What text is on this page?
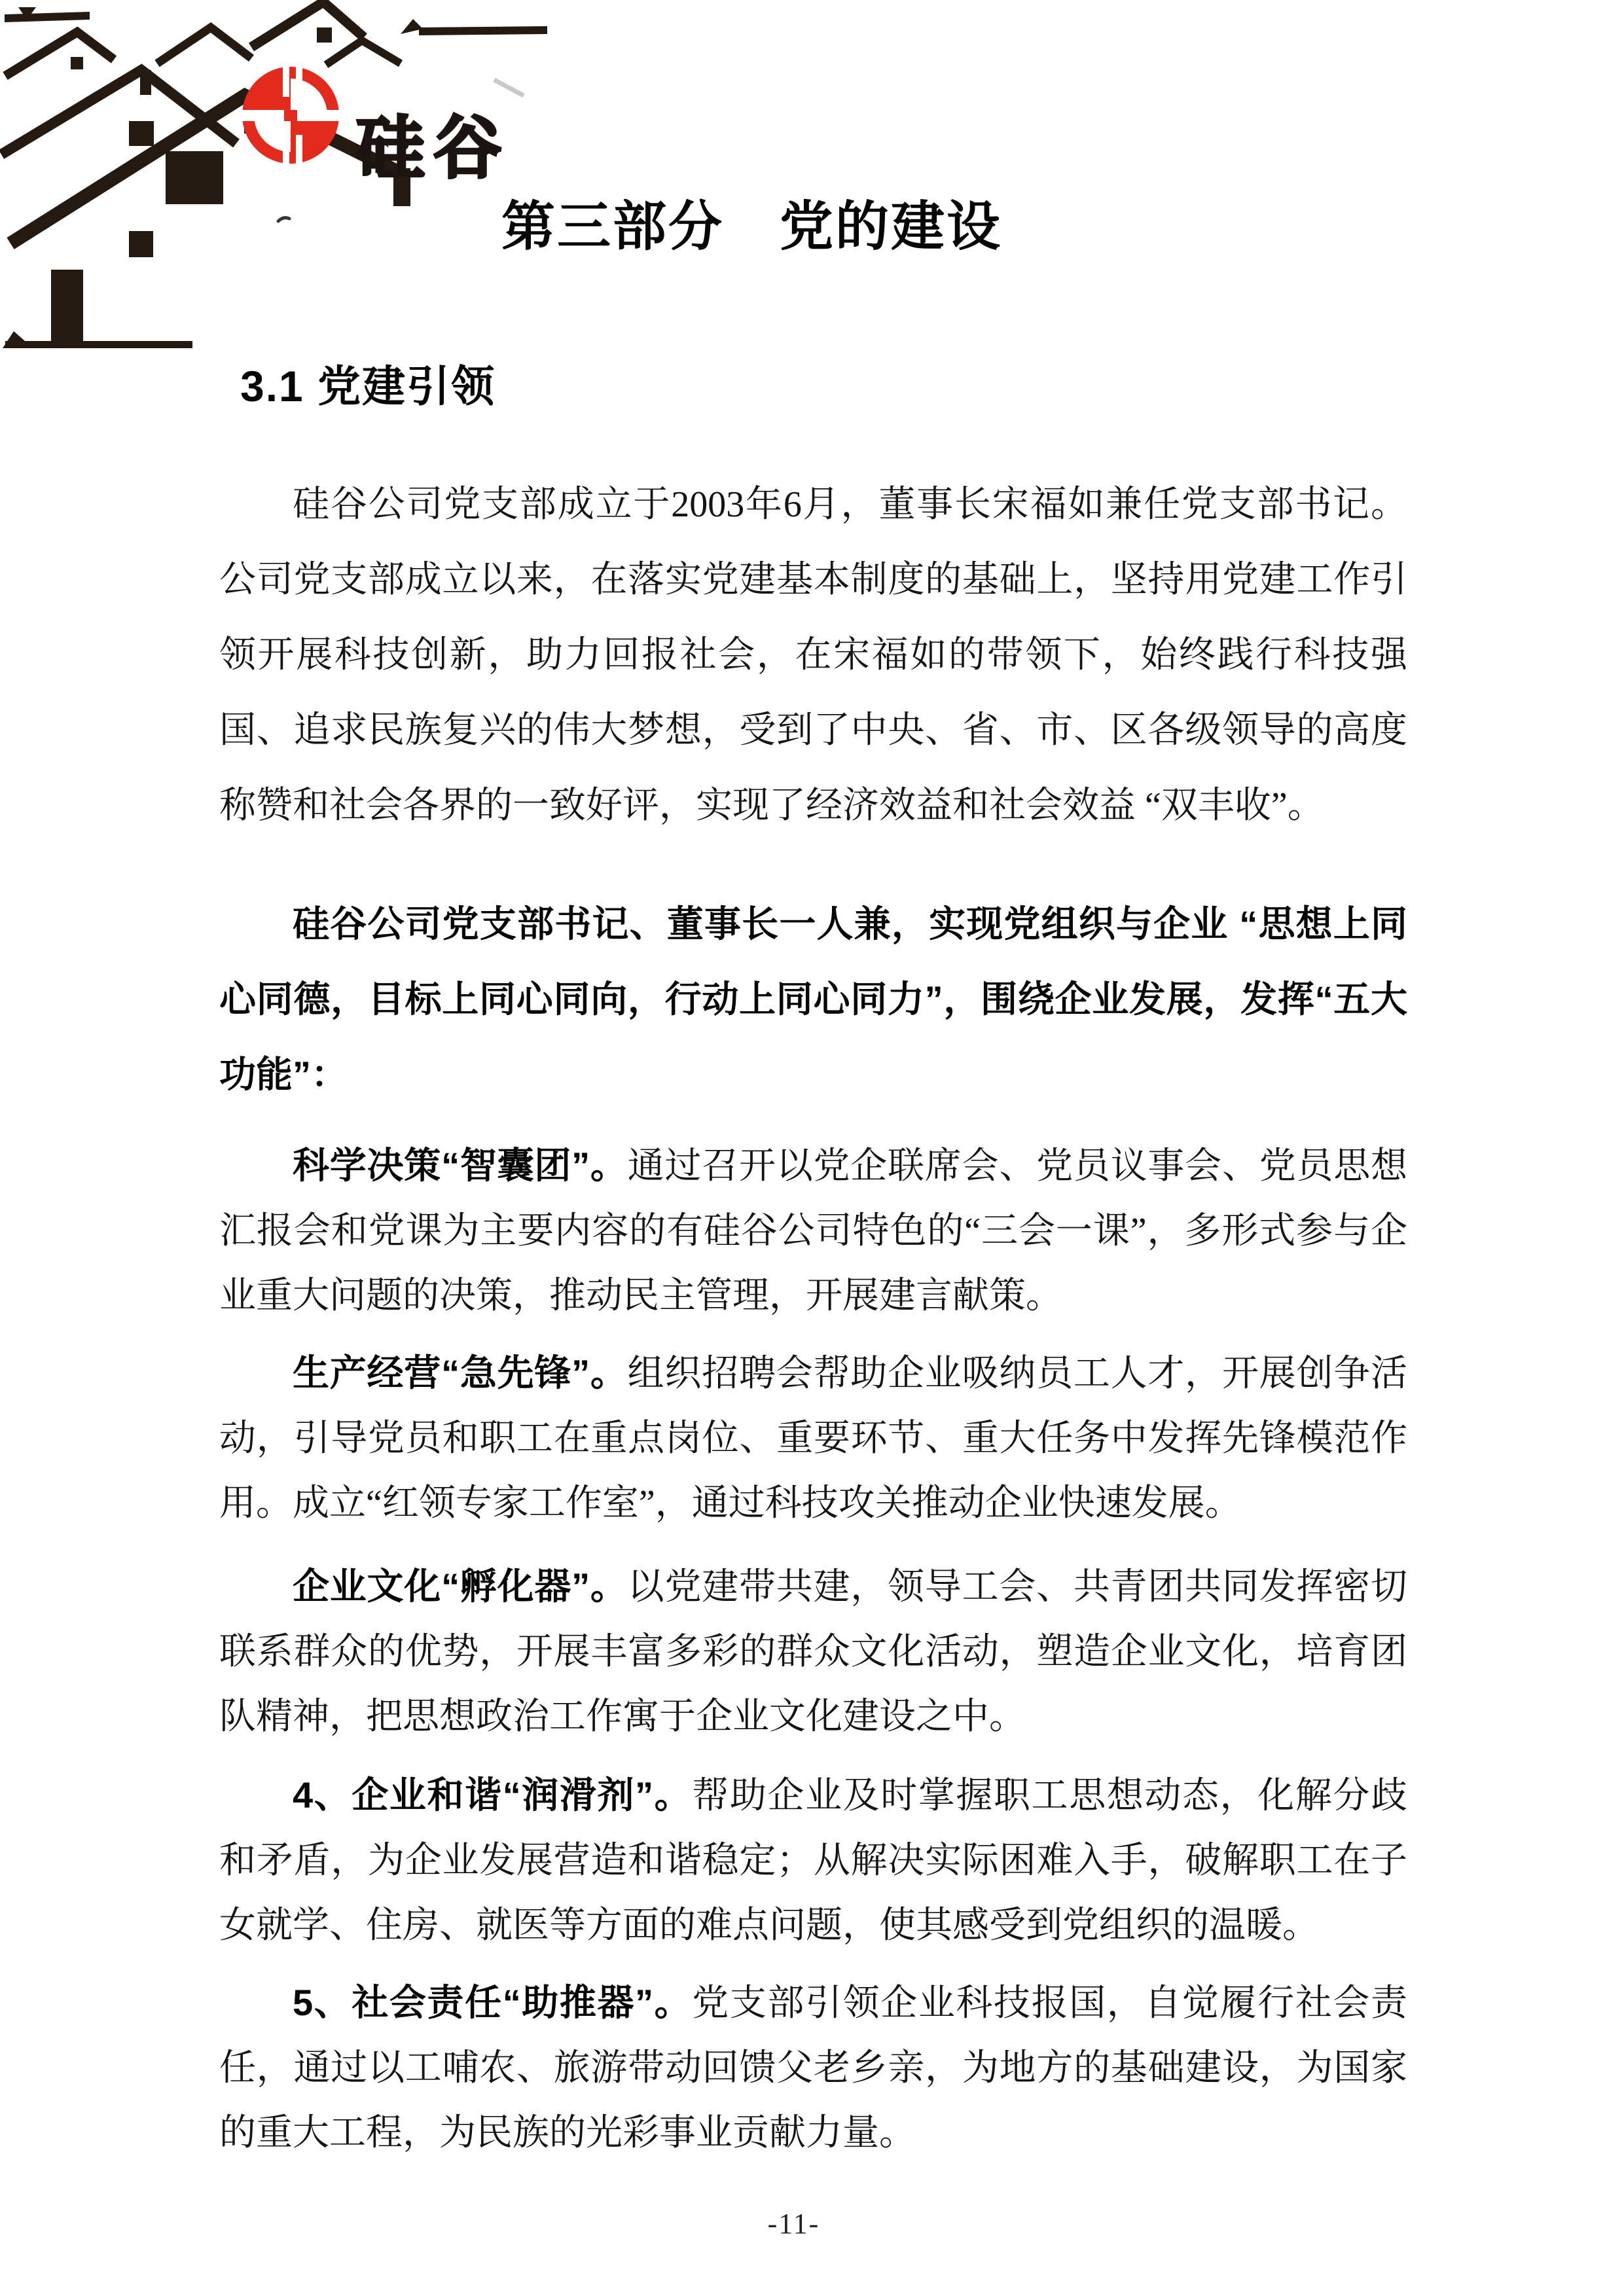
硅谷
第三部分　党的建设
3.1 党建引领

硅谷公司党支部成立于2003年6月，董事长宋福如兼任党支部书记。公司党支部成立以来，在落实党建基本制度的基础上，坚持用党建工作引领开展科技创新，助力回报社会，在宋福如的带领下，始终践行科技强国、追求民族复兴的伟大梦想，受到了中央、省、市、区各级领导的高度称赞和社会各界的一致好评，实现了经济效益和社会效益 “双丰收”。

硅谷公司党支部书记、董事长一人兼，实现党组织与企业 “思想上同心同德，目标上同心同向，行动上同心同力”，围绕企业发展，发挥“五大功能”：

科学决策“智囊团”。通过召开以党企联席会、党员议事会、党员思想汇报会和党课为主要内容的有硅谷公司特色的“三会一课”，多形式参与企业重大问题的决策，推动民主管理，开展建言献策。

生产经营“急先锋”。组织招聘会帮助企业吸纳员工人才，开展创争活动，引导党员和职工在重点岗位、重要环节、重大任务中发挥先锋模范作用。成立“红领专家工作室”，通过科技攻关推动企业快速发展。

企业文化“孵化器”。以党建带共建，领导工会、共青团共同发挥密切联系群众的优势，开展丰富多彩的群众文化活动，塑造企业文化，培育团队精神，把思想政治工作寓于企业文化建设之中。

4、企业和谐“润滑剂”。帮助企业及时掌握职工思想动态，化解分歧和矛盾，为企业发展营造和谐稳定；从解决实际困难入手，破解职工在子女就学、住房、就医等方面的难点问题，使其感受到党组织的温暖。

5、社会责任“助推器”。党支部引领企业科技报国，自觉履行社会责任，通过以工哺农、旅游带动回馈父老乡亲，为地方的基础建设，为国家的重大工程，为民族的光彩事业贡献力量。

-11-
